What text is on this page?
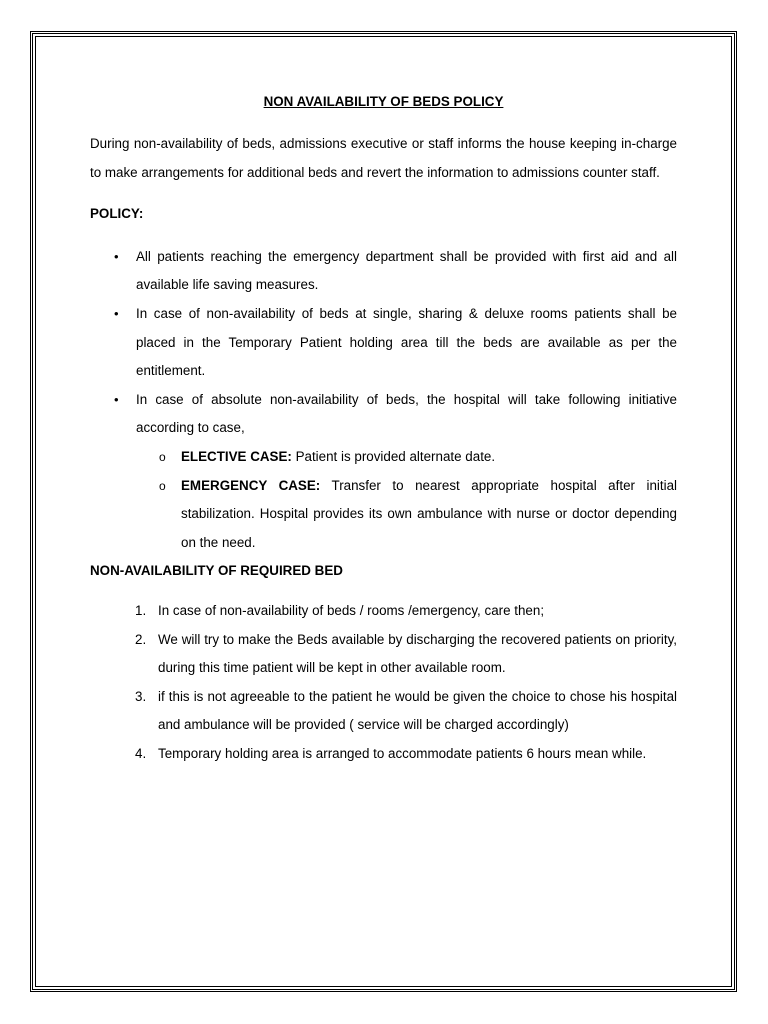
NON AVAILABILITY OF BEDS POLICY

During non-availability of beds, admissions executive or staff informs the house keeping in-charge to make arrangements for additional beds and revert the information to admissions counter staff.

POLICY:

• All patients reaching the emergency department shall be provided with first aid and all available life saving measures.
• In case of non-availability of beds at single, sharing & deluxe rooms patients shall be placed in the Temporary Patient holding area till the beds are available as per the entitlement.
• In case of absolute non-availability of beds, the hospital will take following initiative according to case,
o ELECTIVE CASE: Patient is provided alternate date.
o EMERGENCY CASE: Transfer to nearest appropriate hospital after initial stabilization. Hospital provides its own ambulance with nurse or doctor depending on the need.

NON-AVAILABILITY OF REQUIRED BED

1. In case of non-availability of beds / rooms /emergency, care then;
2. We will try to make the Beds available by discharging the recovered patients on priority, during this time patient will be kept in other available room.
3. if this is not agreeable to the patient he would be given the choice to chose his hospital and ambulance will be provided ( service will be charged accordingly)
4. Temporary holding area is arranged to accommodate patients 6 hours mean while.
